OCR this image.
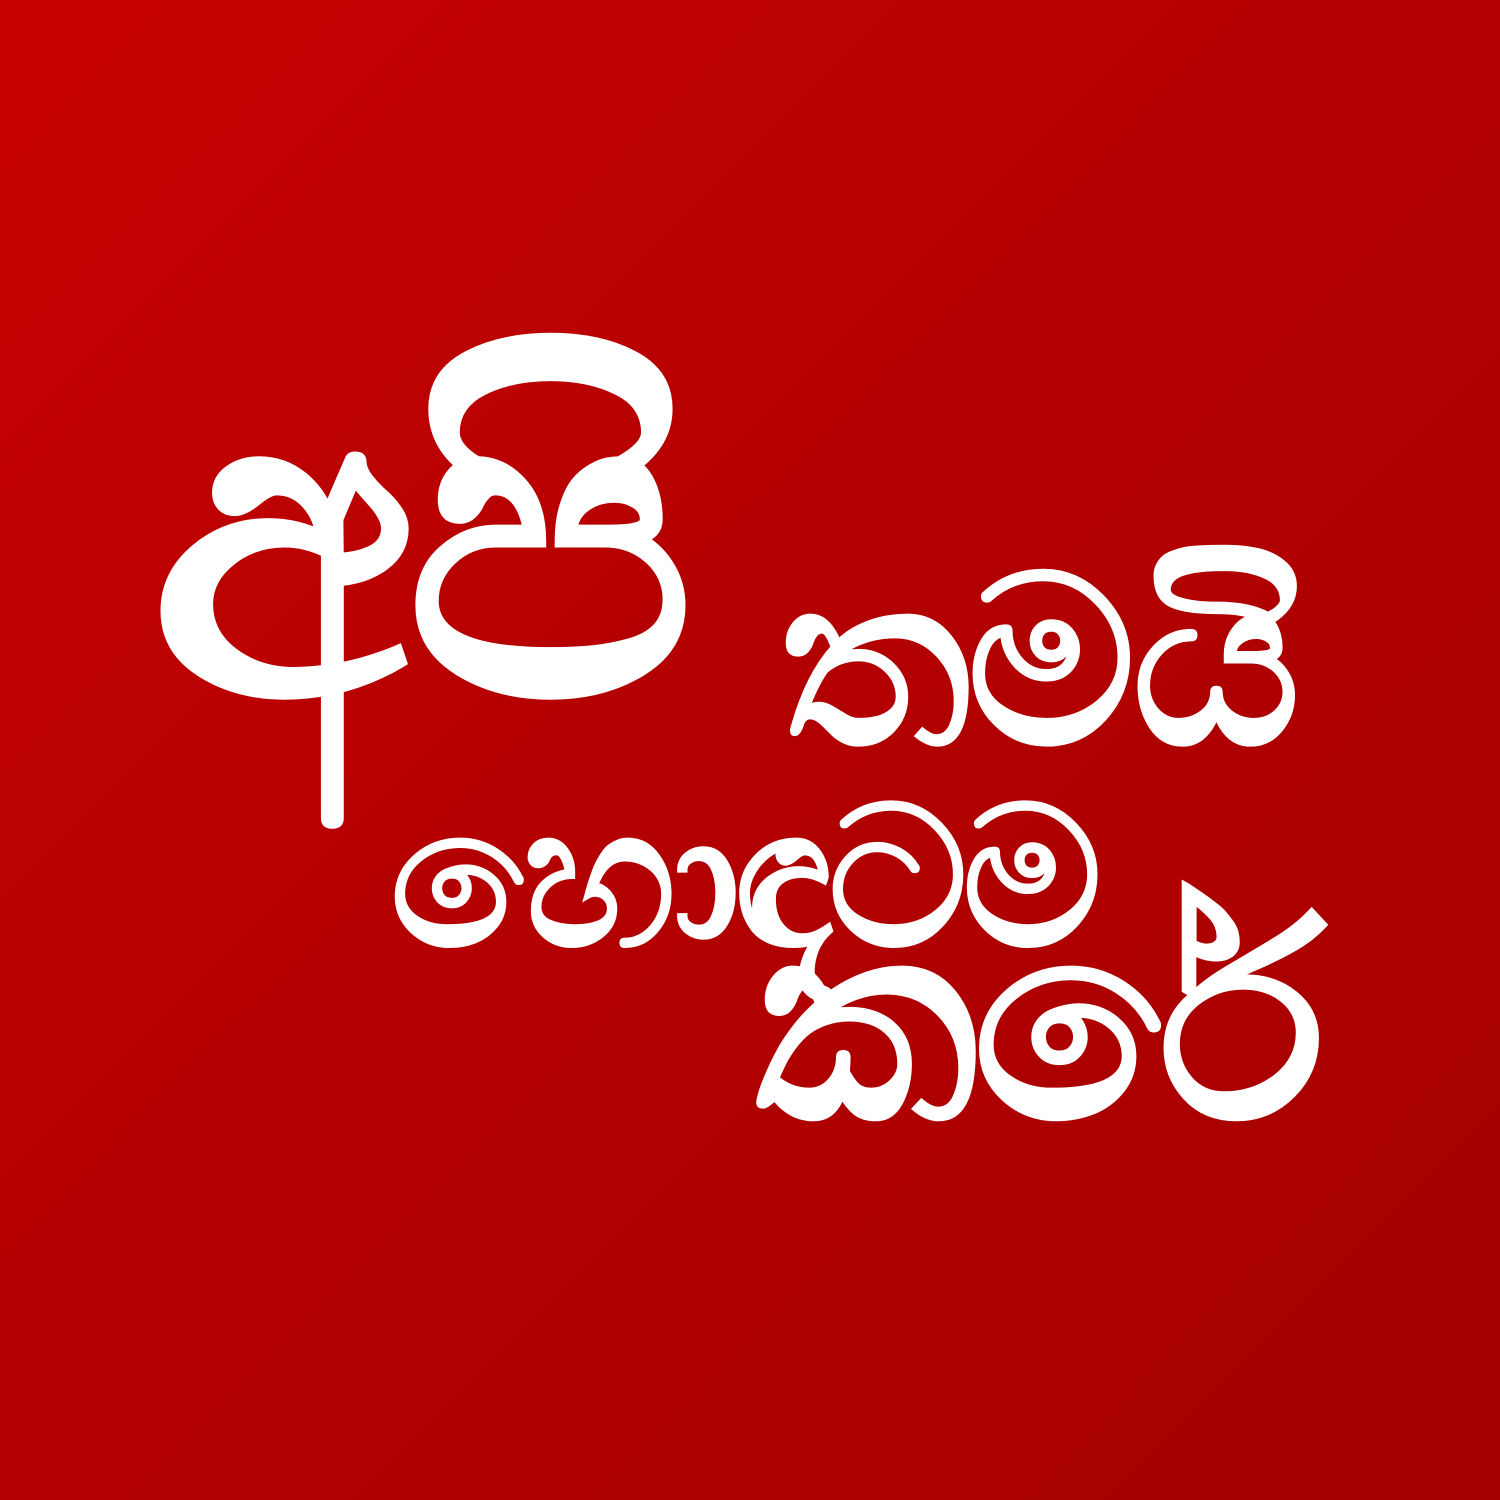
අපි තමයි

හොඳටම

කරේ
